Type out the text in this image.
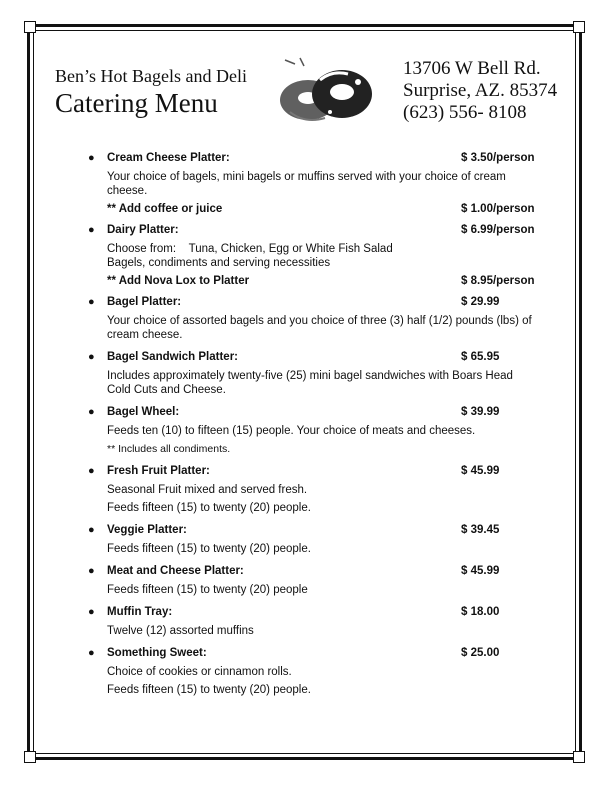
Ben’s Hot Bagels and Deli
Catering Menu
13706 W Bell Rd.
Surprise, AZ. 85374
(623) 556- 8108
●	Cream Cheese Platter:	$ 3.50/person
Your choice of bagels, mini bagels or muffins served with your choice of cream cheese.
** Add coffee or juice	$ 1.00/person
●	Dairy Platter:	$ 6.99/person
Choose from:    Tuna, Chicken, Egg or White Fish Salad
Bagels, condiments and serving necessities
** Add Nova Lox to Platter	$ 8.95/person
●	Bagel Platter:	$ 29.99
Your choice of assorted bagels and you choice of three (3) half (1/2) pounds (lbs) of cream cheese.
●	Bagel Sandwich Platter:	$ 65.95
Includes approximately twenty-five (25) mini bagel sandwiches with Boars Head Cold Cuts and Cheese.
●	Bagel Wheel:	$ 39.99
Feeds ten (10) to fifteen (15) people. Your choice of meats and cheeses.
** Includes all condiments.
●	Fresh Fruit Platter:	$ 45.99
Seasonal Fruit mixed and served fresh.
Feeds fifteen (15) to twenty (20) people.
●	Veggie Platter:	$ 39.45
Feeds fifteen (15) to twenty (20) people.
●	Meat and Cheese Platter:	$ 45.99
Feeds fifteen (15) to twenty (20) people
●	Muffin Tray:	$ 18.00
Twelve (12) assorted muffins
●	Something Sweet:	$ 25.00
Choice of cookies or cinnamon rolls.
Feeds fifteen (15) to twenty (20) people.
